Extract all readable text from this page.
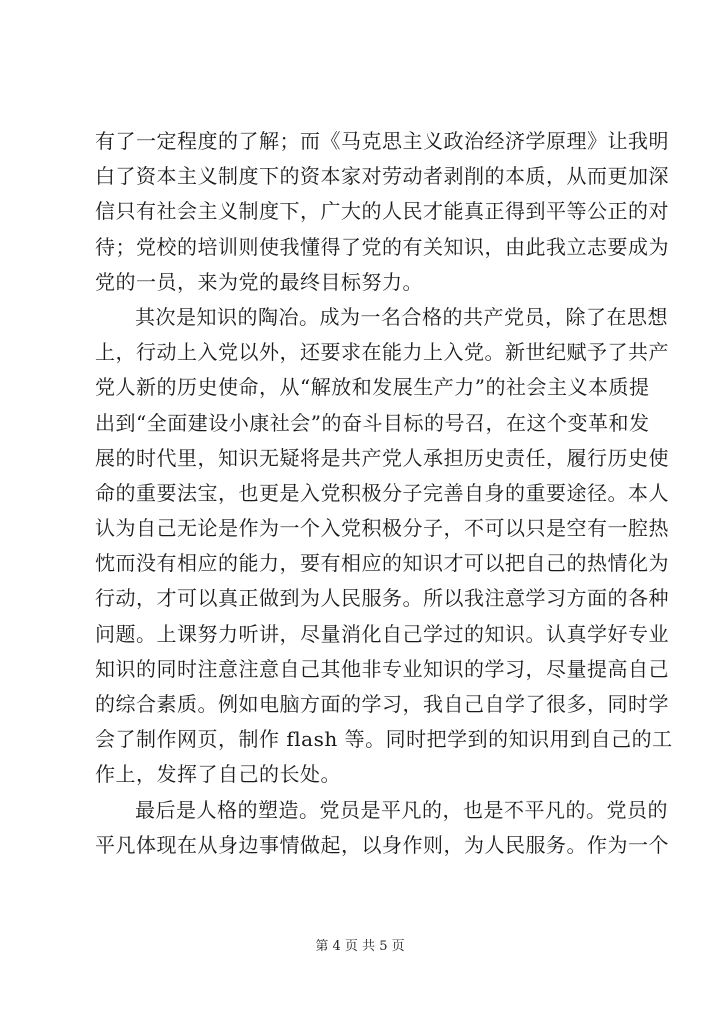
有了一定程度的了解；而《马克思主义政治经济学原理》让我明
白了资本主义制度下的资本家对劳动者剥削的本质，从而更加深
信只有社会主义制度下，广大的人民才能真正得到平等公正的对
待；党校的培训则使我懂得了党的有关知识，由此我立志要成为
党的一员，来为党的最终目标努力。
其次是知识的陶冶。成为一名合格的共产党员，除了在思想
上，行动上入党以外，还要求在能力上入党。新世纪赋予了共产
党人新的历史使命，从“解放和发展生产力”的社会主义本质提
出到“全面建设小康社会”的奋斗目标的号召，在这个变革和发
展的时代里，知识无疑将是共产党人承担历史责任，履行历史使
命的重要法宝，也更是入党积极分子完善自身的重要途径。本人
认为自己无论是作为一个入党积极分子，不可以只是空有一腔热
忱而没有相应的能力，要有相应的知识才可以把自己的热情化为
行动，才可以真正做到为人民服务。所以我注意学习方面的各种
问题。上课努力听讲，尽量消化自己学过的知识。认真学好专业
知识的同时注意注意自己其他非专业知识的学习，尽量提高自己
的综合素质。例如电脑方面的学习，我自己自学了很多，同时学
会了制作网页，制作 flash 等。同时把学到的知识用到自己的工
作上，发挥了自己的长处。
最后是人格的塑造。党员是平凡的，也是不平凡的。党员的
平凡体现在从身边事情做起，以身作则，为人民服务。作为一个
第 4 页 共 5 页
